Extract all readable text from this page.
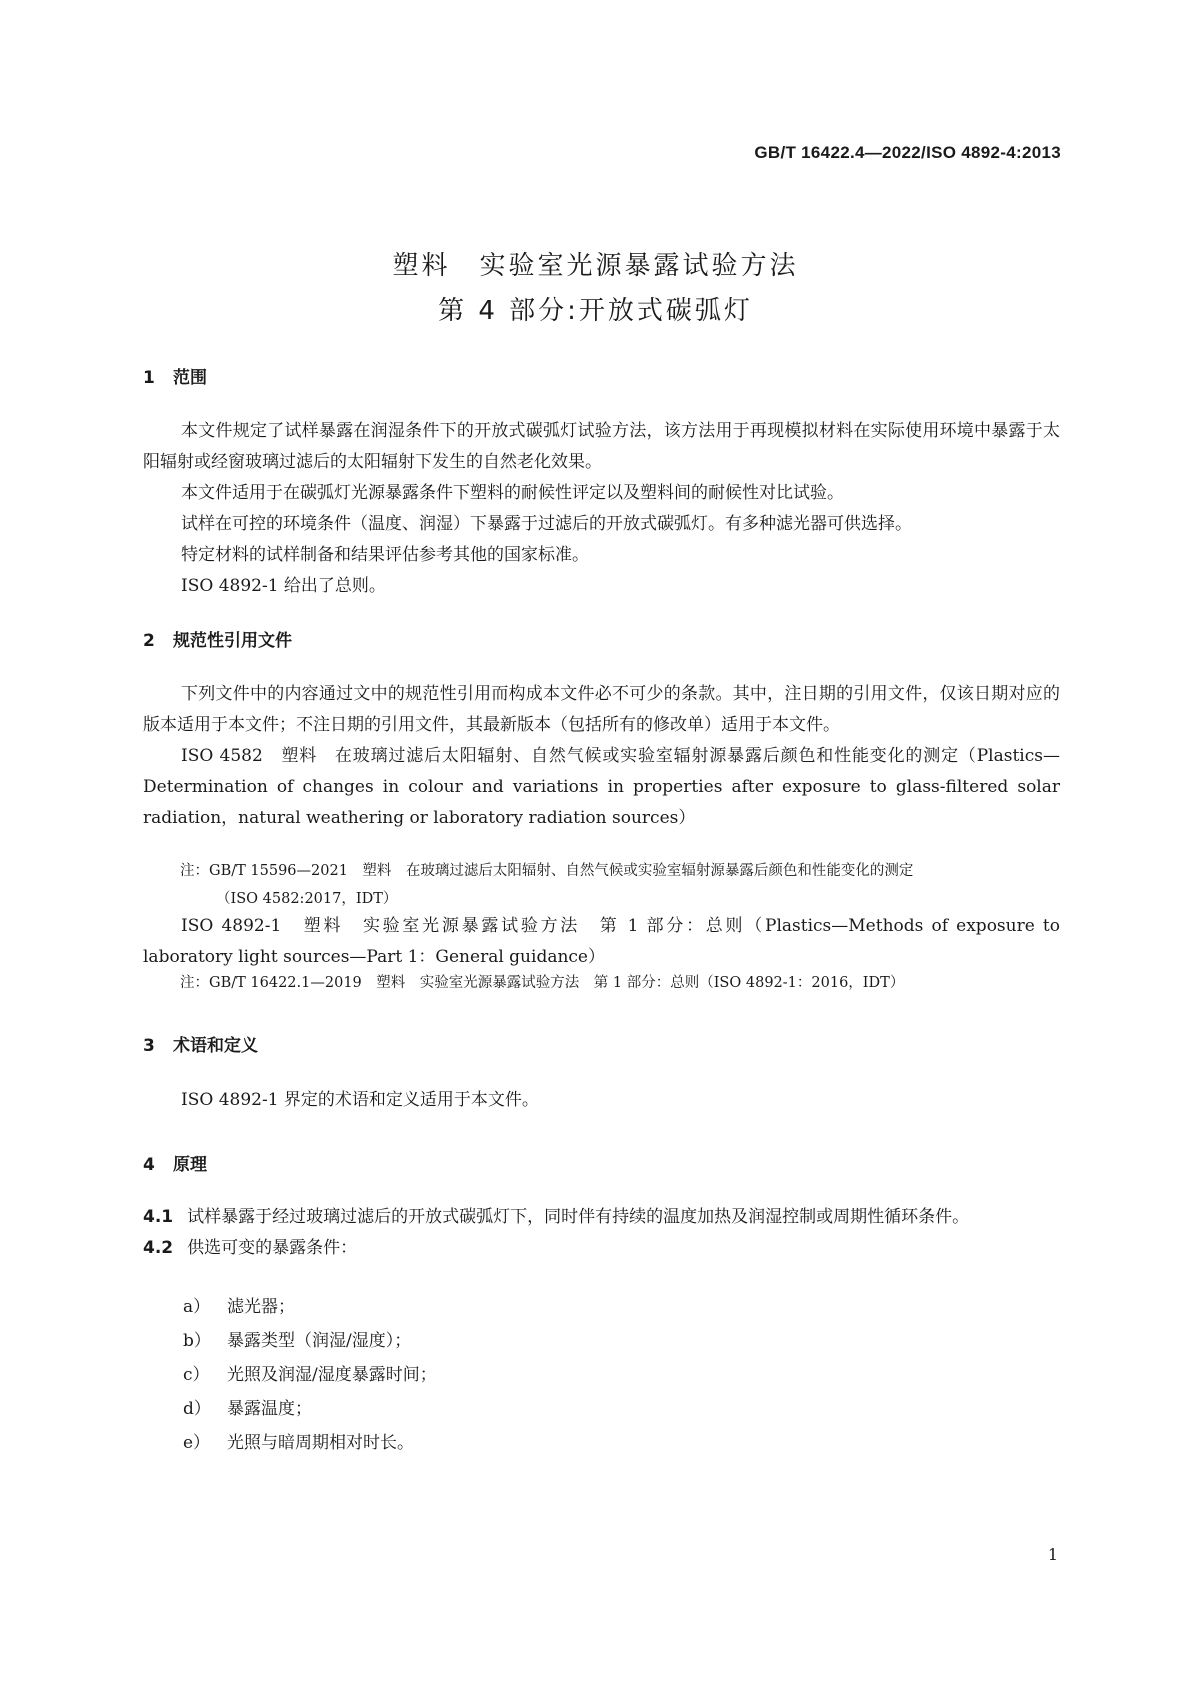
GB/T 16422.4—2022/ISO 4892-4:2013
塑料　实验室光源暴露试验方法
第 4 部分:开放式碳弧灯
1 范围

本文件规定了试样暴露在润湿条件下的开放式碳弧灯试验方法，该方法用于再现模拟材料在实际使用环境中暴露于太阳辐射或经窗玻璃过滤后的太阳辐射下发生的自然老化效果。

本文件适用于在碳弧灯光源暴露条件下塑料的耐候性评定以及塑料间的耐候性对比试验。

试样在可控的环境条件（温度、润湿）下暴露于过滤后的开放式碳弧灯。有多种滤光器可供选择。

特定材料的试样制备和结果评估参考其他的国家标准。

ISO 4892-1 给出了总则。

2 规范性引用文件

下列文件中的内容通过文中的规范性引用而构成本文件必不可少的条款。其中，注日期的引用文件，仅该日期对应的版本适用于本文件；不注日期的引用文件，其最新版本（包括所有的修改单）适用于本文件。

ISO 4582　塑料　在玻璃过滤后太阳辐射、自然气候或实验室辐射源暴露后颜色和性能变化的测定（Plastics—Determination of changes in colour and variations in properties after exposure to glass-filtered solar radiation，natural weathering or laboratory radiation sources）

注：GB/T 15596—2021　塑料　在玻璃过滤后太阳辐射、自然气候或实验室辐射源暴露后颜色和性能变化的测定
（ISO 4582:2017，IDT）

ISO 4892-1　塑料　实验室光源暴露试验方法　第 1 部分：总则（Plastics—Methods of exposure to laboratory light sources—Part 1：General guidance）

注：GB/T 16422.1—2019　塑料　实验室光源暴露试验方法　第 1 部分：总则（ISO 4892-1：2016，IDT）
3 术语和定义

ISO 4892-1 界定的术语和定义适用于本文件。

4 原理

4.1 试样暴露于经过玻璃过滤后的开放式碳弧灯下，同时伴有持续的温度加热及润湿控制或周期性循环条件。

4.2 供选可变的暴露条件：

a） 滤光器；
b） 暴露类型（润湿/湿度）；
c）	光照及润湿/湿度暴露时间；
d） 暴露温度；
e） 光照与暗周期相对时长。
1
